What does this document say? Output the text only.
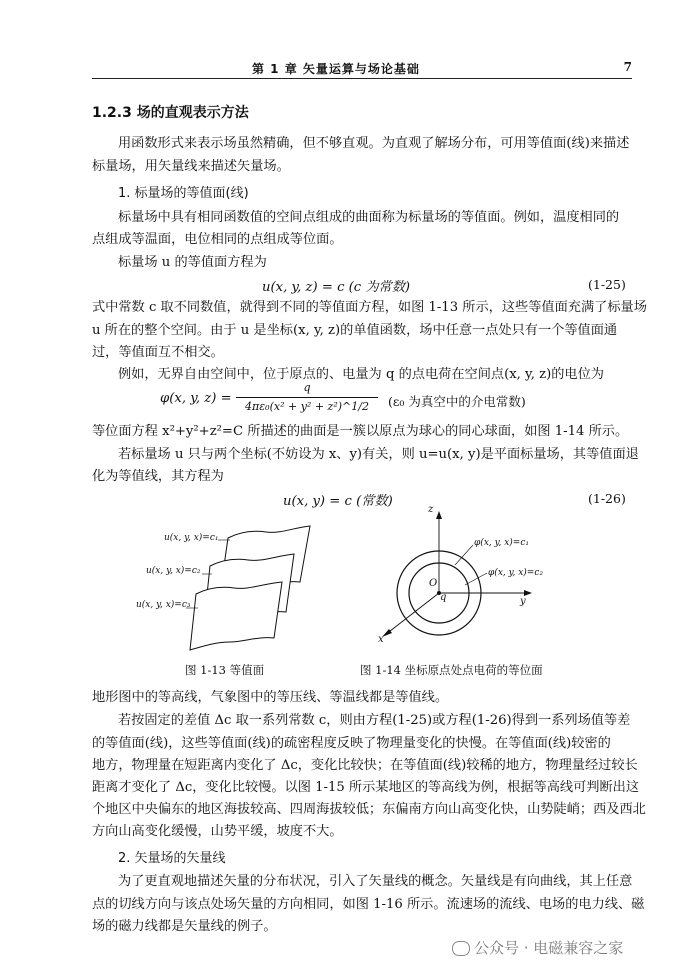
第 1 章 矢量运算与场论基础	7
1.2.3 场的直观表示方法
用函数形式来表示场虽然精确，但不够直观。为直观了解场分布，可用等值面(线)来描述
标量场，用矢量线来描述矢量场。
1. 标量场的等值面(线)
标量场中具有相同函数值的空间点组成的曲面称为标量场的等值面。例如，温度相同的
点组成等温面，电位相同的点组成等位面。
标量场 u 的等值面方程为
u(x, y, z) = c (c 为常数)	(1-25)
式中常数 c 取不同数值，就得到不同的等值面方程，如图 1-13 所示，这些等值面充满了标量场
u 所在的整个空间。由于 u 是坐标(x, y, z)的单值函数，场中任意一点处只有一个等值面通
过，等值面互不相交。
例如，无界自由空间中，位于原点的、电量为 q 的点电荷在空间点(x, y, z)的电位为
φ(x, y, z) =
q
4πε₀(x² + y² + z²)^1/2	(ε₀ 为真空中的介电常数)
等位面方程 x²+y²+z²=C 所描述的曲面是一簇以原点为球心的同心球面，如图 1-14 所示。
若标量场 u 只与两个坐标(不妨设为 x、y)有关，则 u=u(x, y)是平面标量场，其等值面退
化为等值线，其方程为
u(x, y) = c (常数)	(1-26)
u(x, y, x)=c₁
u(x, y, x)=c₂
u(x, y, x)=c₃
图 1-13 等值面
z
y
x
O
q
φ(x, y, x)=c₁
φ(x, y, x)=c₂
图 1-14 坐标原点处点电荷的等位面
地形图中的等高线，气象图中的等压线、等温线都是等值线。
若按固定的差值 Δc 取一系列常数 c，则由方程(1-25)或方程(1-26)得到一系列场值等差
的等值面(线)，这些等值面(线)的疏密程度反映了物理量变化的快慢。在等值面(线)较密的
地方，物理量在短距离内变化了 Δc，变化比较快；在等值面(线)较稀的地方，物理量经过较长
距离才变化了 Δc，变化比较慢。以图 1-15 所示某地区的等高线为例，根据等高线可判断出这
个地区中央偏东的地区海拔较高、四周海拔较低；东偏南方向山高变化快，山势陡峭；西及西北
方向山高变化缓慢，山势平缓，坡度不大。
2. 矢量场的矢量线
为了更直观地描述矢量的分布状况，引入了矢量线的概念。矢量线是有向曲线，其上任意
点的切线方向与该点处场矢量的方向相同，如图 1-16 所示。流速场的流线、电场的电力线、磁
场的磁力线都是矢量线的例子。
公众号 · 电磁兼容之家
